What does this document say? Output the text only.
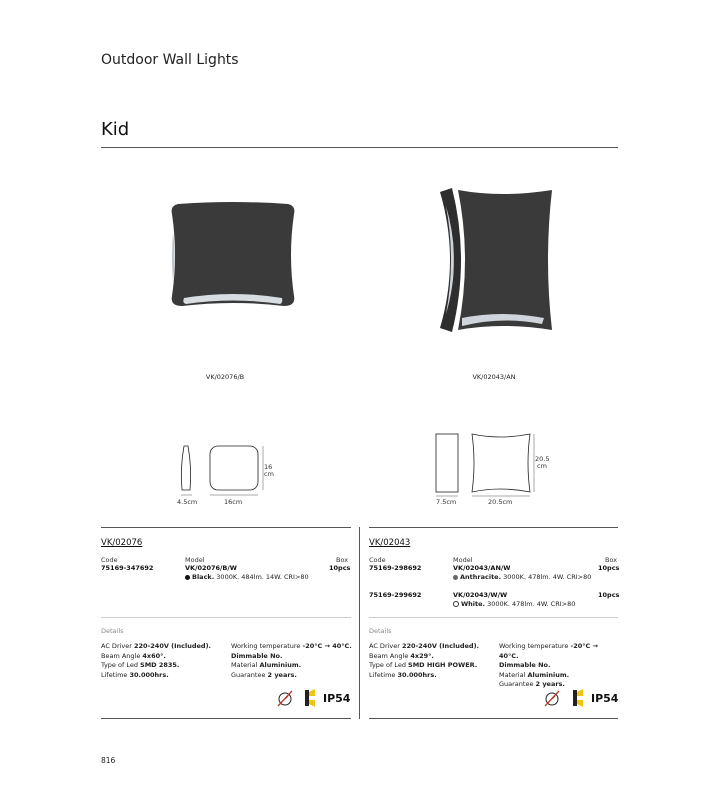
Outdoor Wall Lights
Kid
VK/02076/B	VK/02043/AN
4.5cm	16cm
16
cm
7.5cm	20.5cm
20.5
cm
VK/02076
Code	Model	Box
75169-347692	VK/02076/B/W	10pcs
Black. 3000K. 484lm. 14W. CRI>80
Details
AC Driver 220-240V (Included).
Beam Angle 4x60°.
Type of Led SMD 2835.
Lifetime 30.000hrs.
Working temperature -20°C → 40°C.
Dimmable No.
Material Aluminium.
Guarantee 2 years.
IP54
VK/02043
Code	Model	Box
75169-298692	VK/02043/AN/W	10pcs
Anthracite. 3000K. 478lm. 4W. CRI>80
75169-299692	VK/02043/W/W	10pcs
White. 3000K. 478lm. 4W. CRI>80
Details
AC Driver 220-240V (Included).
Beam Angle 4x29°.
Type of Led SMD HIGH POWER.
Lifetime 30.000hrs.
Working temperature -20°C → 40°C.
Dimmable No.
Material Aluminium.
Guarantee 2 years.
IP54
816
